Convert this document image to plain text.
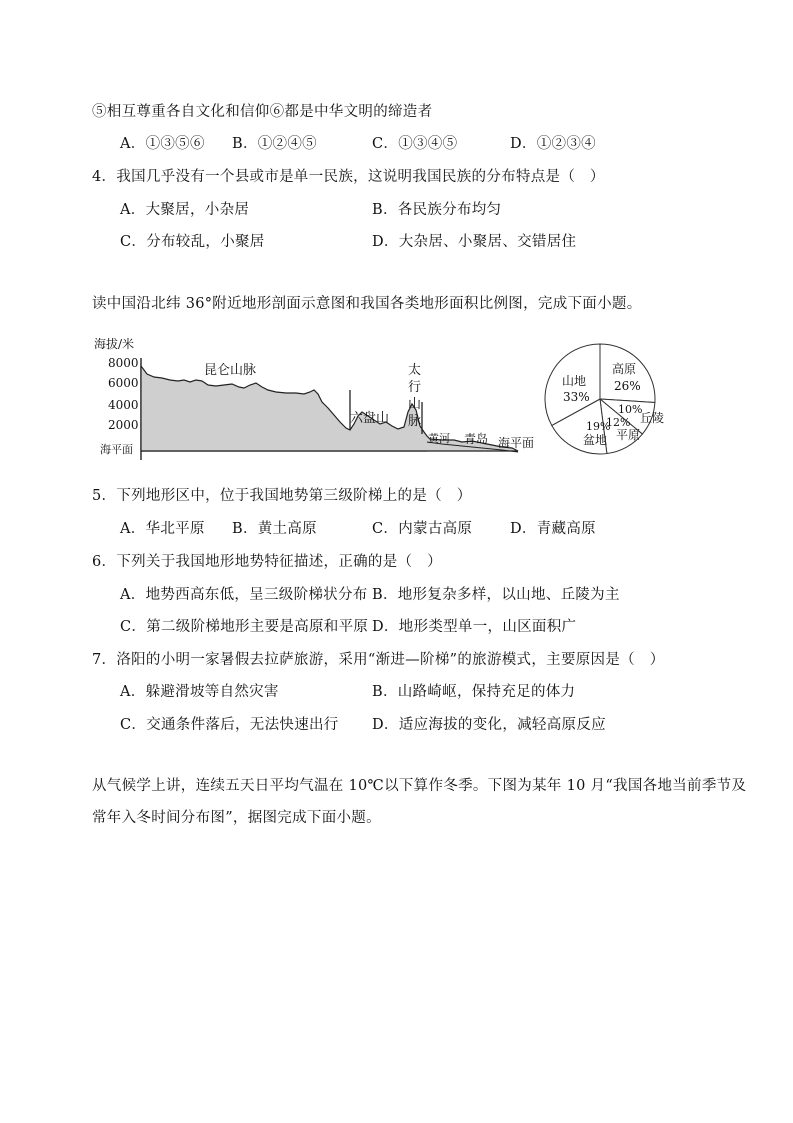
⑤相互尊重各自文化和信仰⑥都是中华文明的缔造者
A．①③⑤⑥ B．①②④⑤	C．①③④⑤	D．①②③④
4．我国几乎没有一个县或市是单一民族，这说明我国民族的分布特点是（　）
A．大聚居，小杂居	B．各民族分布均匀
C．分布较乱，小聚居	D．大杂居、小聚居、交错居住
读中国沿北纬 36°附近地形剖面示意图和我国各类地形面积比例图，完成下面小题。
海拔/米
8000
6000
4000
2000
海平面
昆仑山脉
六盘山
太
行
山
脉
黄河 青岛 海平面
高原
26%
10%
丘陵
12%
平原
19%
盆地
山地
33%
5．下列地形区中，位于我国地势第三级阶梯上的是（　）
A．华北平原 B．黄土高原	C．内蒙古高原	D．青藏高原
6．下列关于我国地形地势特征描述，正确的是（　）
A．地势西高东低，呈三级阶梯状分布 B．地形复杂多样，以山地、丘陵为主
C．第二级阶梯地形主要是高原和平原 D．地形类型单一，山区面积广
7．洛阳的小明一家暑假去拉萨旅游，采用“渐进—阶梯”的旅游模式，主要原因是（　）
A．躲避滑坡等自然灾害	B．山路崎岖，保持充足的体力
C．交通条件落后，无法快速出行 D．适应海拔的变化，减轻高原反应
从气候学上讲，连续五天日平均气温在 10℃以下算作冬季。下图为某年 10 月“我国各地当前季节及
常年入冬时间分布图”，据图完成下面小题。
